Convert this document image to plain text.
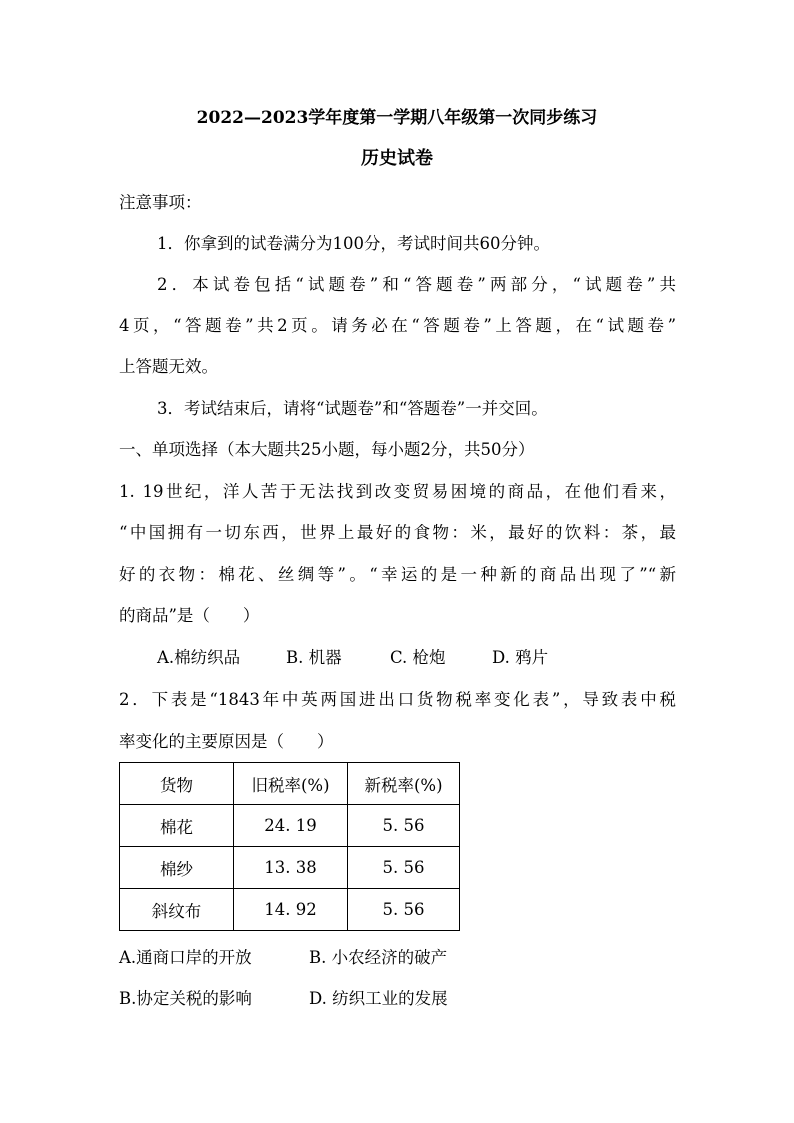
2022—2023学年度第一学期八年级第一次同步练习
历史试卷
注意事项：
1．你拿到的试卷满分为100分，考试时间共60分钟。
2．本试卷包括“试题卷”和“答题卷”两部分，“试题卷”共
4页，“答题卷”共2页。请务必在“答题卷”上答题，在“试题卷”
上答题无效。
3．考试结束后，请将“试题卷”和“答题卷”一并交回。
一、单项选择（本大题共25小题，每小题2分，共50分）
1. 19世纪，洋人苦于无法找到改变贸易困境的商品，在他们看来，
“中国拥有一切东西，世界上最好的食物：米，最好的饮料：茶，最
好的衣物：棉花、丝绸等”。“幸运的是一种新的商品出现了”“新
的商品”是（　　）
A.棉纺织品	B. 机器	C. 枪炮	D. 鸦片
2．下表是“1843年中英两国进出口货物税率变化表”，导致表中税
率变化的主要原因是（　　）
货物	旧税率(%)	新税率(%)
棉花	24. 19	5. 56
棉纱	13. 38	5. 56
斜纹布	14. 92	5. 56
A.通商口岸的开放	B. 小农经济的破产
B.协定关税的影响	D. 纺织工业的发展
